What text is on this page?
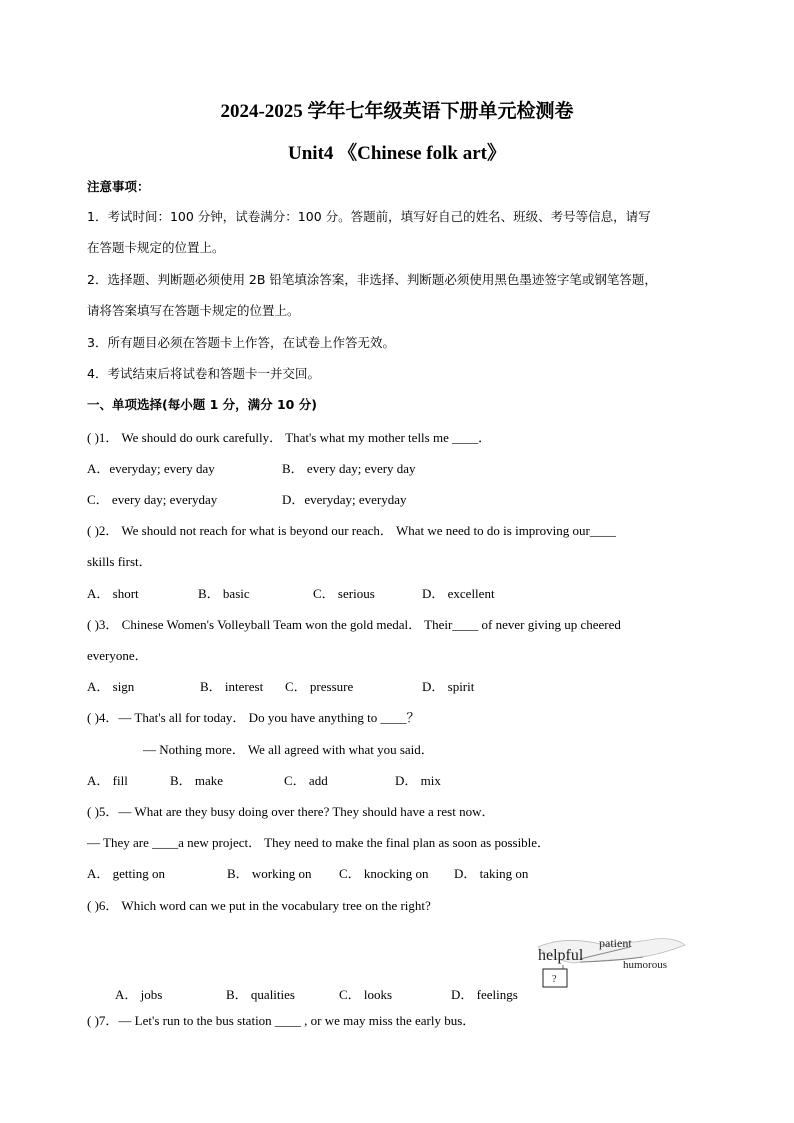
2024-2025 学年七年级英语下册单元检测卷
Unit4 《Chinese folk art》
注意事项：
1．考试时间：100 分钟，试卷满分：100 分。答题前，填写好自己的姓名、班级、考号等信息，请写
在答题卡规定的位置上。
2．选择题、判断题必须使用 2B 铅笔填涂答案，非选择、判断题必须使用黑色墨迹签字笔或钢笔答题，
请将答案填写在答题卡规定的位置上。
3．所有题目必须在答题卡上作答，在试卷上作答无效。
4．考试结束后将试卷和答题卡一并交回。
一、单项选择(每小题 1 分，满分 10 分)
( )1． We should do ourk carefully． That's what my mother tells me ____．
A．everyday; every day	B． every day; every day
C． every day; everyday	D．everyday; everyday
( )2． We should not reach for what is beyond our reach． What we need to do is improving our____
skills first．
A． short	B． basic	C． serious	D． excellent
( )3． Chinese Women's Volleyball Team won the gold medal． Their____ of never giving up cheered
everyone．
A． sign	B． interest C． pressure	D． spirit
( )4．— That's all for today． Do you have anything to ____？
— Nothing more． We all agreed with what you said．
A． fill	B． make	C． add	D． mix
( )5．— What are they busy doing over there? They should have a rest now．
— They are ____a new project． They need to make the final plan as soon as possible．
A． getting on	B． working on C． knocking on D． taking on
( )6． Which word can we put in the vocabulary tree on the right?
helpful
patient
humorous
?
A． jobs	B． qualities	C． looks	D． feelings
( )7．— Let's run to the bus station ____ , or we may miss the early bus．
